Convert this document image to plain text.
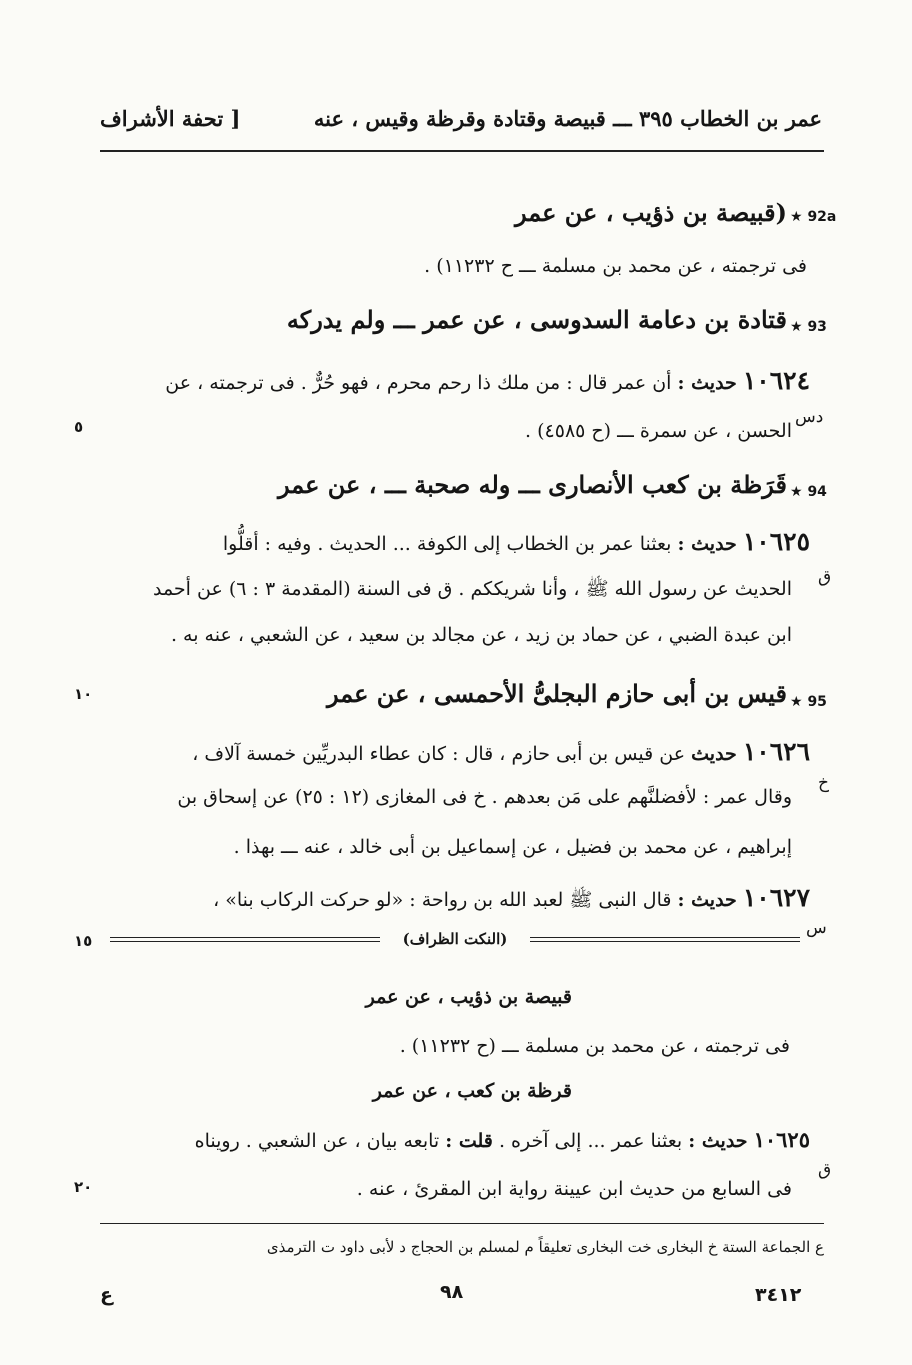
عمر بن الخطاب ٣٩٥ ـــ قبيصة وقتادة وقرظة وقيس ، عنه
[ تحفة الأشراف
★ 92a
(قبيصة بن ذؤيب ، عن عمر
فى ترجمته ، عن محمد بن مسلمة ـــ ح ١١٢٣٢) .
★ 93
قتادة بن دعامة السدوسى ، عن عمر ـــ ولم يدركه
١٠٦٢٤ حديث : أن عمر قال : من ملك ذا رحم محرم ، فهو حُرٌّ . فى ترجمته ، عن
دس
الحسن ، عن سمرة ـــ (ح ٤٥٨٥) .
٥
★ 94
قَرَظة بن كعب الأنصارى ـــ وله صحبة ـــ ، عن عمر
١٠٦٢٥ حديث : بعثنا عمر بن الخطاب إلى الكوفة ... الحديث . وفيه : أقلُّوا
ق
الحديث عن رسول الله ﷺ ، وأنا شريككم . ق فى السنة (المقدمة ٣ : ٦) عن أحمد
ابن عبدة الضبي ، عن حماد بن زيد ، عن مجالد بن سعيد ، عن الشعبي ، عنه به .
١٠	★ 95
قيس بن أبى حازم البجلىُّ الأحمسى ، عن عمر
١٠٦٢٦ حديث عن قيس بن أبى حازم ، قال : كان عطاء البدريِّين خمسة آلاف ،
خ
وقال عمر : لأفضلنَّهم على مَن بعدهم . خ فى المغازى (١٢ : ٢٥) عن إسحاق بن
إبراهيم ، عن محمد بن فضيل ، عن إسماعيل بن أبى خالد ، عنه ـــ بهذا .
١٠٦٢٧ حديث : قال النبى ﷺ لعبد الله بن رواحة : «لو حركت الركاب بنا» ،
س
١٥	(النكت الظراف)
قبيصة بن ذؤيب ، عن عمر
فى ترجمته ، عن محمد بن مسلمة ـــ (ح ١١٢٣٢) .
قرظة بن كعب ، عن عمر
١٠٦٢٥ حديث : بعثنا عمر ... إلى آخره . قلت : تابعه بيان ، عن الشعبي . رويناه
ق
فى السابع من حديث ابن عيينة رواية ابن المقرئ ، عنه .
٢٠
ع الجماعة الستة خ البخارى خت البخارى تعليقاً م لمسلم بن الحجاج د لأبى داود ت الترمذى
٣٤١٢
٩٨
ع
